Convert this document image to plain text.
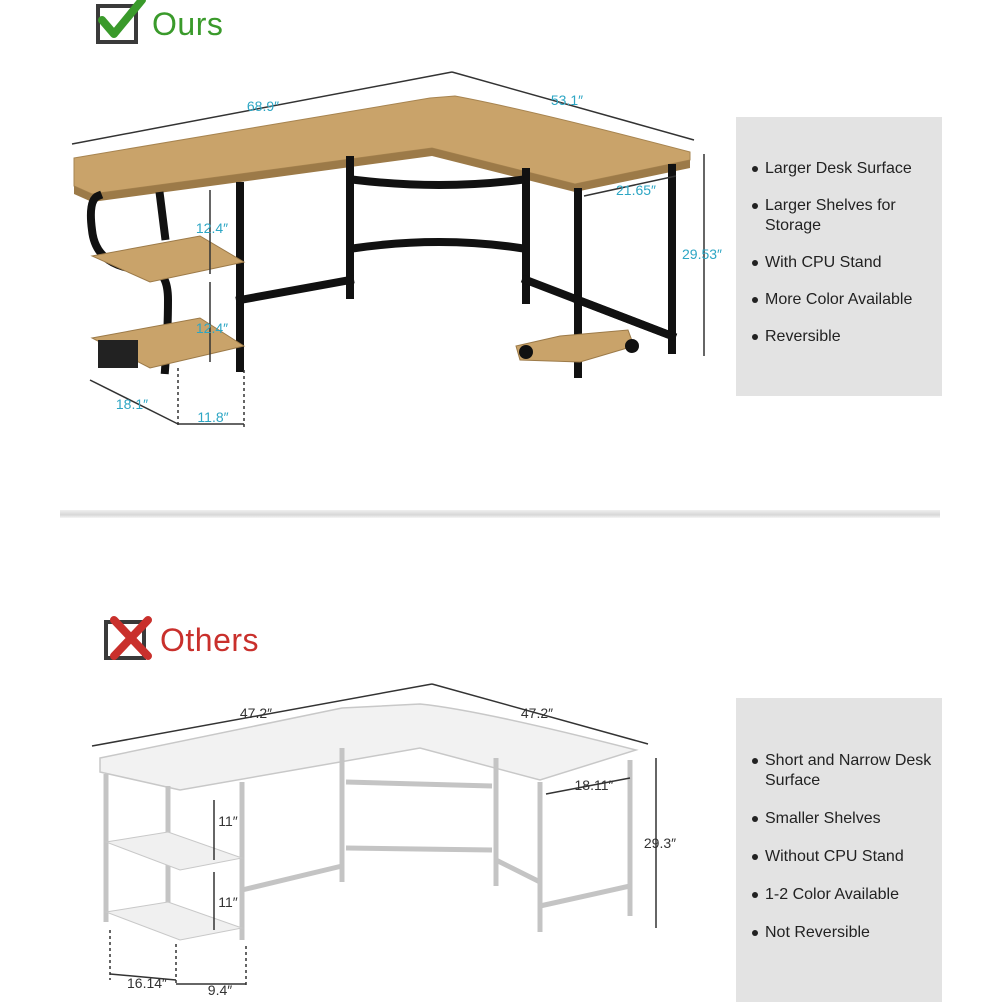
Ours
68.9″	53.1″
21.65″
29.53″
12.4″
12.4″
18.1″
11.8″
Larger Desk Surface
Larger Shelves for Storage
With CPU Stand
More Color Available
Reversible
Others
47.2″	47.2″
18.11″
29.3″
11″
11″
16.14″	9.4″
Short and Narrow Desk Surface
Smaller Shelves
Without CPU Stand
1-2 Color Available
Not Reversible
